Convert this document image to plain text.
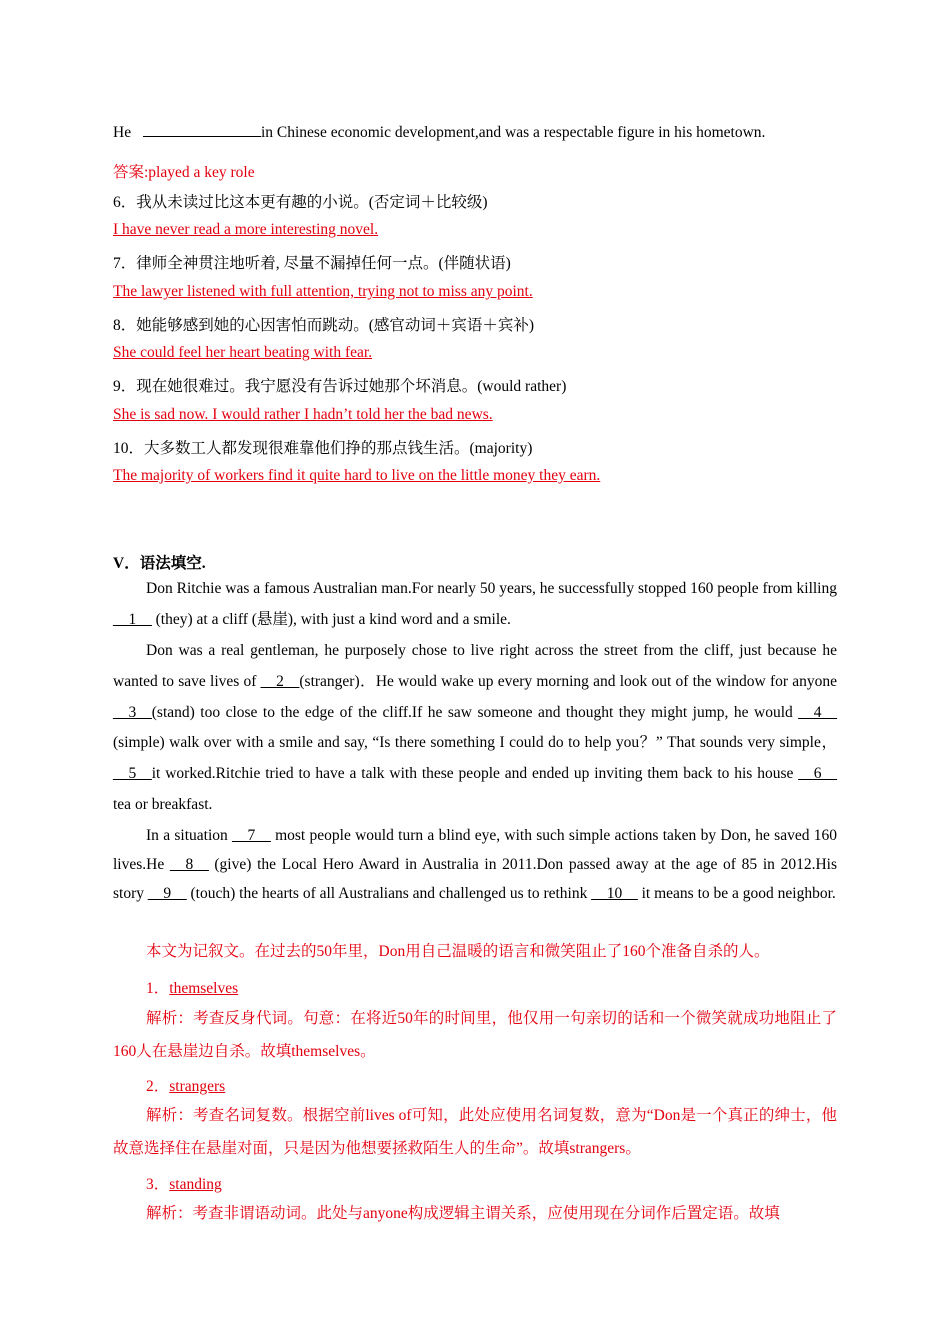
He	in Chinese economic development,and was a respectable figure in his hometown.
答案:played a key role
6．我从未读过比这本更有趣的小说。(否定词＋比较级)
I have never read a more interesting novel.
7．律师全神贯注地听着, 尽量不漏掉任何一点。(伴随状语)
The lawyer listened with full attention, trying not to miss any point.
8．她能够感到她的心因害怕而跳动。(感官动词＋宾语＋宾补)
She could feel her heart beating with fear.
9．现在她很难过。我宁愿没有告诉过她那个坏消息。(would rather)
She is sad now. I would rather I hadn’t told her the bad news.
10．大多数工人都发现很难靠他们挣的那点钱生活。(majority)
The majority of workers find it quite hard to live on the little money they earn.
V．语法填空.
Don Ritchie was a famous Australian man.For nearly 50 years, he successfully stopped 160 people from killing __1__ (they) at a cliff (悬崖), with just a kind word and a smile.
Don was a real gentleman, he purposely chose to live right across the street from the cliff, just because he wanted to save lives of __2__(stranger)．He would wake up every morning and look out of the window for anyone __3__(stand) too close to the edge of the cliff.If he saw someone and thought they might jump, he would __4__ (simple) walk over with a smile and say, “Is there something I could do to help you？” That sounds very simple，__5__it worked.Ritchie tried to have a talk with these people and ended up inviting them back to his house __6__ tea or breakfast.
In a situation __7__ most people would turn a blind eye, with such simple actions taken by Don, he saved 160 lives.He __8__ (give) the Local Hero Award in Australia in 2011.Don passed away at the age of 85 in 2012.His story __9__ (touch) the hearts of all Australians and challenged us to rethink __10__ it means to be a good neighbor.
本文为记叙文。在过去的50年里，Don用自己温暖的语言和微笑阻止了160个准备自杀的人。
1．themselves
解析：考查反身代词。句意：在将近50年的时间里，他仅用一句亲切的话和一个微笑就成功地阻止了160人在悬崖边自杀。故填themselves。
2．strangers
解析：考查名词复数。根据空前lives of可知，此处应使用名词复数，意为“Don是一个真正的绅士，他故意选择住在悬崖对面，只是因为他想要拯救陌生人的生命”。故填strangers。
3．standing
解析：考查非谓语动词。此处与anyone构成逻辑主谓关系，应使用现在分词作后置定语。故填
